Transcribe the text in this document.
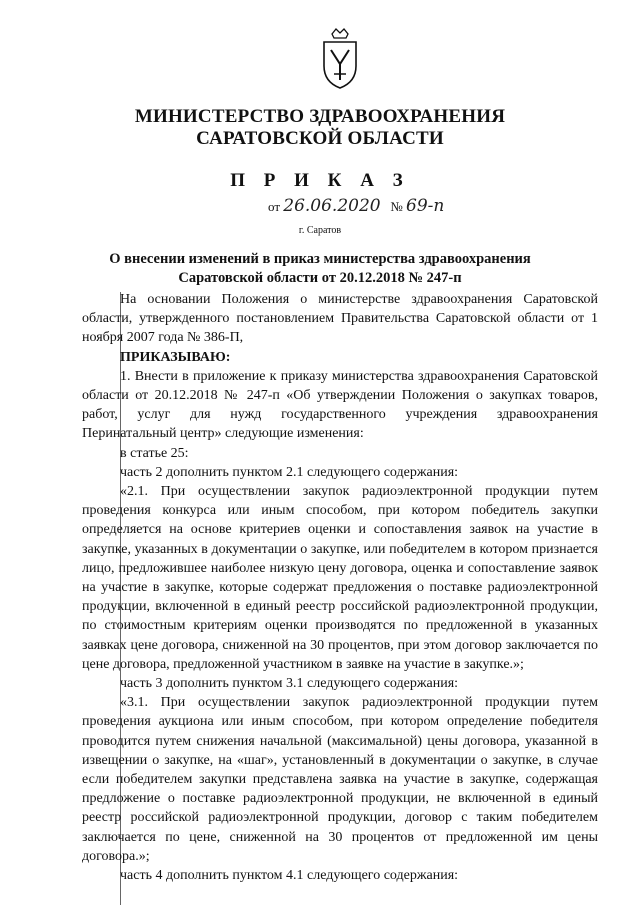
МИНИСТЕРСТВО ЗДРАВООХРАНЕНИЯ
САРАТОВСКОЙ ОБЛАСТИ
П Р И К А З
от 26.06.2020 № 69-п
г. Саратов
О внесении изменений в приказ министерства здравоохранения
Саратовской области от 20.12.2018 № 247-п

На основании Положения о министерстве здравоохранения Саратовской области, утвержденного постановлением Правительства Саратовской области от 1 ноября 2007 года № 386-П,

ПРИКАЗЫВАЮ:

1. Внести в приложение к приказу министерства здравоохранения Саратовской области от 20.12.2018 № 247-п «Об утверждении Положения о закупках товаров, работ, услуг для нужд государственного учреждения здравоохранения Перинатальный центр» следующие изменения:

в статье 25:

часть 2 дополнить пунктом 2.1 следующего содержания:

«2.1. При осуществлении закупок радиоэлектронной продукции путем проведения конкурса или иным способом, при котором победитель закупки определяется на основе критериев оценки и сопоставления заявок на участие в закупке, указанных в документации о закупке, или победителем в котором признается лицо, предложившее наиболее низкую цену договора, оценка и сопоставление заявок на участие в закупке, которые содержат предложения о поставке радиоэлектронной продукции, включенной в единый реестр российской радиоэлектронной продукции, по стоимостным критериям оценки производятся по предложенной в указанных заявках цене договора, сниженной на 30 процентов, при этом договор заключается по цене договора, предложенной участником в заявке на участие в закупке.»;

часть 3 дополнить пунктом 3.1 следующего содержания:

«3.1. При осуществлении закупок радиоэлектронной продукции путем проведения аукциона или иным способом, при котором определение победителя проводится путем снижения начальной (максимальной) цены договора, указанной в извещении о закупке, на «шаг», установленный в документации о закупке, в случае если победителем закупки представлена заявка на участие в закупке, содержащая предложение о поставке радиоэлектронной продукции, не включенной в единый реестр российской радиоэлектронной продукции, договор с таким победителем заключается по цене, сниженной на 30 процентов от предложенной им цены договора.»;

часть 4 дополнить пунктом 4.1 следующего содержания:
